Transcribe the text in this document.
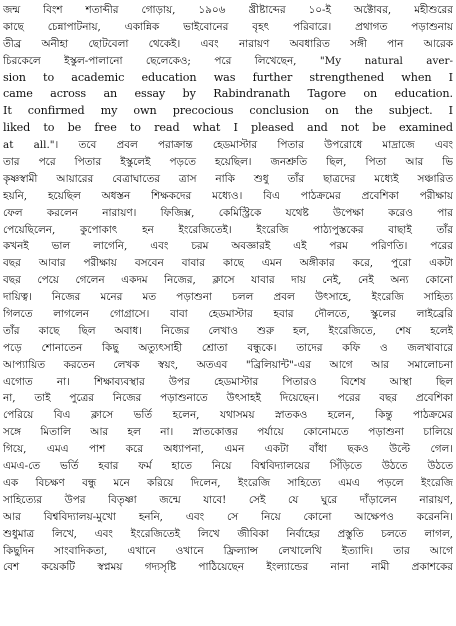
জন্ম বিংশ শতাব্দীর গোড়ায়, ১৯০৬ খ্রীষ্টাব্দের ১০-ই অক্টোবর, মহীশুরের
কাছে চেন্নাপাটনায়, একান্নিক ভাইবোনের বৃহৎ পরিবারে। প্রথাগত পড়াশুনায়
তীব্র অনীহা ছোটবেলা থেকেই। এবং নারায়ণ অবধারিত সঙ্গী পান আরেক
চিরকেলে ইস্কুল-পালানো ছেলেকেও; পরে লিখেছেন, "My natural aver-
sion to academic education was further strengthened when I
came across an essay by Rabindranath Tagore on education.
It confirmed my own precocious conclusion on the subject. I
liked to be free to read what I pleased and not be examined
at all."। তবে প্রবল পরাক্রান্ত হেডমাস্টার পিতার উপরোধে মাদ্রাজে এবং
তার পরে পিতার ইস্কুলেই পড়তে হয়েছিল। জনশ্রুতি ছিল, পিতা আর ভি
কৃষ্ণস্বামী আয়ারের বেত্রাঘাতের ত্রাস নাকি শুধু তাঁর ছাত্রদের মধ্যেই সঞ্চারিত
হয়নি, হয়েছিল অধস্তন শিক্ষকদের মধ্যেও। বিএ পাঠক্রমের প্রবেশিকা পরীক্ষায়
ফেল করলেন নারায়ণ। ফিজিক্স, কেমিস্ট্রিকে যথেষ্ট উপেক্ষা করেও পার
পেয়েছিলেন, কুপোকাৎ হন ইংরেজিতেই। ইংরেজি পাঠ্যপুস্তকের বাছাই তাঁর
কখনই ভাল লাগেনি, এবং চরম অবজ্ঞারই এই পরম পরিণতি। পরের
বছর আবার পরীক্ষায় বসবেন বাবার কাছে এমন অঙ্গীকার করে, পুরো একটা
বছর পেয়ে গেলেন একদম নিজের, ক্লাসে যাবার দায় নেই, নেই অন্য কোনো
দায়িত্ব। নিজের মনের মত পড়াশুনা চলল প্রবল উৎসাহে, ইংরেজি সাহিত্য
গিলতে লাগলেন গোগ্রাসে। বাবা হেডমাস্টার হবার দৌলতে, স্কুলের লাইব্রেরি
তাঁর কাছে ছিল অবাধ। নিজের লেখাও শুরু হল, ইংরেজিতে, শেষ হলেই
পড়ে শোনাতেন কিছু অত্যুৎসাহী শ্রোতা বন্ধুকে। তাদের কফি ও জলখাবারে
আপ্যায়িত করতেন লেখক স্বয়ং, অতএব "ব্রিলিয়ান্ট"-এর আগে আর সমালোচনা
এগোত না। শিক্ষাব্যবস্থার উপর হেডমাস্টার পিতারও বিশেষ আস্থা ছিল
না, তাই পুত্রের নিজের পড়াশুনাতে উৎসাহই দিয়েছেন। পরের বছর প্রবেশিকা
পেরিয়ে বিএ ক্লাসে ভর্তি হলেন, যথাসময় স্নাতকও হলেন, কিন্তু পাঠক্রমের
সঙ্গে মিতালি আর হল না। স্নাতকোত্তর পর্যায়ে কোনোমতে পড়াশুনা চালিয়ে
গিয়ে, এমএ পাশ করে অধ্যাপনা, এমন একটা বাঁধা ছকও উল্টে গেল।
এমএ-তে ভর্তি হবার ফর্ম হাতে নিয়ে বিশ্ববিদ্যালয়ের সিঁড়িতে উঠতে উঠতে
এক বিচক্ষণ বন্ধু মনে করিয়ে দিলেন, ইংরেজি সাহিত্যে এমএ পড়লে ইংরেজি
সাহিত্যের উপর বিতৃষ্ণা জন্মে যাবে! সেই যে ঘুরে দাঁড়ালেন নারায়ণ,
আর বিশ্ববিদ্যালয়-মুখো হননি, এবং সে নিয়ে কোনো আক্ষেপও করেননি।
শুধুমাত্র লিখে, এবং ইংরেজিতেই লিখে জীবিকা নির্বাহের প্রস্তুতি চলতে লাগল,
কিছুদিন সাংবাদিকতা, এখানে ওখানে ফ্রিল্যান্স লেখালেখি ইত্যাদি। তার আগে
বেশ কয়েকটি স্বপ্নময় গদ্যসৃষ্টি পাঠিয়েছেন ইংল্যান্ডের নানা নামী প্রকাশকের
